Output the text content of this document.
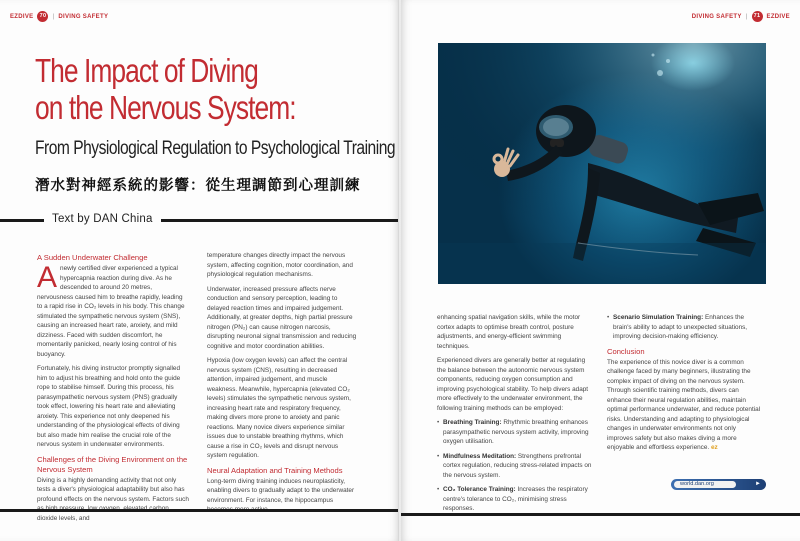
EZDIVE	70	| DIVING SAFETY
The Impact of Diving
on the Nervous System:
From Physiological Regulation to Psychological Training
潛水對神經系統的影響：從生理調節到心理訓練
Text by DAN China
A Sudden Underwater Challenge

Anewly certified diver experienced a typical hypercapnia reaction during dive. As he descended to around 20 metres, nervousness caused him to breathe rapidly, leading to a rapid rise in CO₂ levels in his body. This change stimulated the sympathetic nervous system (SNS), causing an increased heart rate, anxiety, and mild dizziness. Faced with sudden discomfort, he momentarily panicked, nearly losing control of his buoyancy.

Fortunately, his diving instructor promptly signalled him to adjust his breathing and hold onto the guide rope to stabilise himself. During this process, his parasympathetic nervous system (PNS) gradually took effect, lowering his heart rate and alleviating anxiety. This experience not only deepened his understanding of the physiological effects of diving but also made him realise the crucial role of the nervous system in underwater environments.

Challenges of the Diving Environment on the Nervous System

Diving is a highly demanding activity that not only tests a diver's physiological adaptability but also has profound effects on the nervous system. Factors such dioxide levels, and

temperature changes directly impact the nervous system, affecting cognition, motor coordination, and physiological regulation mechanisms.

Underwater, increased pressure affects nerve conduction and sensory perception, leading to delayed reaction times and impaired judgement. Additionally, at greater depths, high partial pressure nitrogen (PN₂) can cause nitrogen narcosis, disrupting neuronal signal transmission and reducing cognitive and motor coordination abilities.

Hypoxia (low oxygen levels) can affect the central nervous system (CNS), resulting in decreased attention, impaired judgement, and muscle weakness. Meanwhile, hypercapnia (elevated CO₂ levels) stimulates the sympathetic nervous system, increasing heart rate and respiratory frequency, making divers more prone to anxiety and panic reactions. Many novice divers experience similar issues due to unstable breathing rhythms, which cause a rise in CO₂ levels and disrupt nervous system regulation.

Neural Adaptation and Training Methods

Long-term diving training induces neuroplasticity, enabling divers to gradually adapt to the underwater environment. For instance, the hippocampus

DIVING SAFETY |	71	EZDIVE

enhancing spatial navigation skills, while the motor cortex adapts to optimise breath control, posture adjustments, and energy-efficient swimming techniques.

Experienced divers are generally better at regulating the balance between the autonomic nervous system components, reducing oxygen consumption and improving psychological stability. To help divers adapt more effectively to the underwater environment, the following training methods can be employed:

• Breathing Training: Rhythmic breathing enhances parasympathetic nervous system activity, improving oxygen utilisation.
• Mindfulness Meditation: Strengthens prefrontal cortex regulation, reducing stress-related impacts on the nervous system.
• CO₂ Tolerance Training: Increases the respiratory centre's tolerance to CO₂, minimising stress responses.
• Scenario Simulation Training: Enhances the brain's ability to adapt to unexpected situations, improving decision-making efficiency.
Conclusion

The experience of this novice diver is a common challenge faced by many beginners, illustrating the complex impact of diving on the nervous system. Through scientific training methods, divers can enhance their neural regulation abilities, maintain optimal performance underwater, and reduce potential risks. Understanding and adapting to physiological changes in underwater environments not only improves safety but also makes diving a more enjoyable and effortless experience. ez

world.dan.org	►
